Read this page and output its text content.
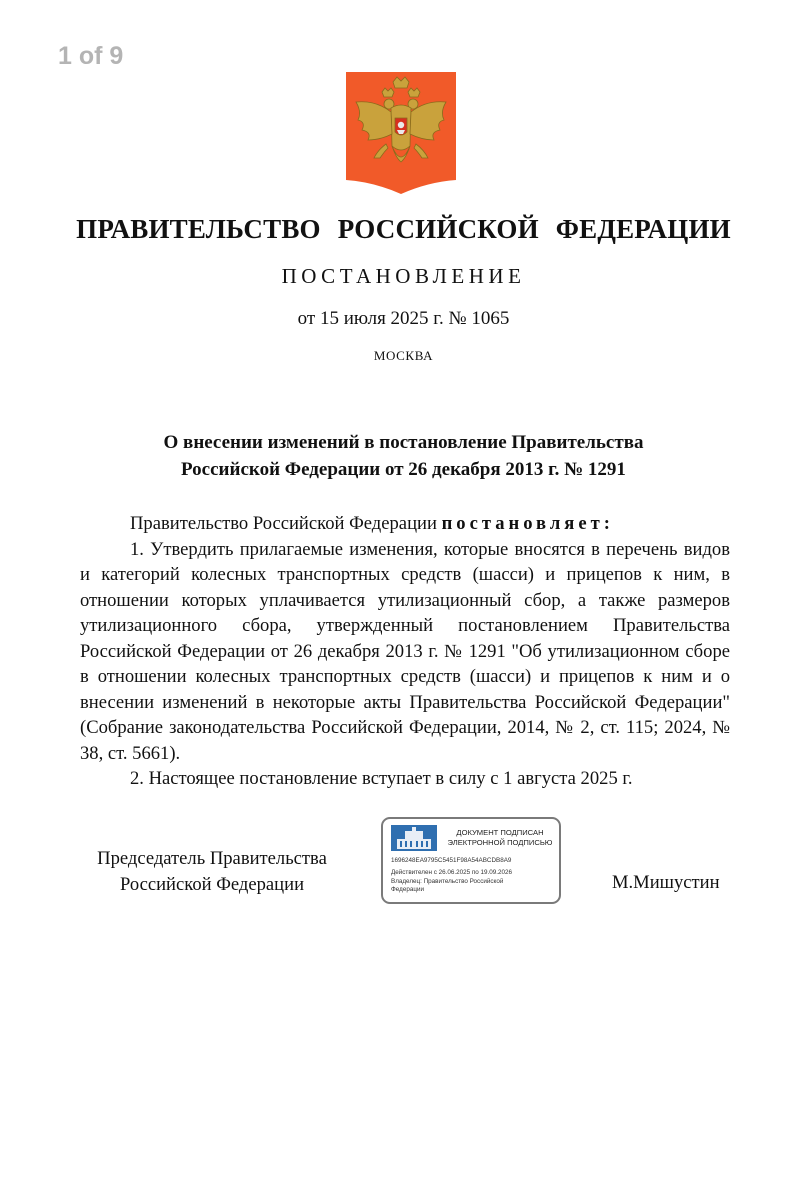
1 of 9
ПРАВИТЕЛЬСТВО РОССИЙСКОЙ ФЕДЕРАЦИИ
ПОСТАНОВЛЕНИЕ
от 15 июля 2025 г. № 1065
МОСКВА
О внесении изменений в постановление Правительства
Российской Федерации от 26 декабря 2013 г. № 1291

Правительство Российской Федерации постановляет:

1. Утвердить прилагаемые изменения, которые вносятся в перечень видов и категорий колесных транспортных средств (шасси) и прицепов к ним, в отношении которых уплачивается утилизационный сбор, а также размеров утилизационного сбора, утвержденный постановлением Правительства Российской Федерации от 26 декабря 2013 г. № 1291 "Об утилизационном сборе в отношении колесных транспортных средств (шасси) и прицепов к ним и о внесении изменений в некоторые акты Правительства Российской Федерации" (Собрание законодательства Российской Федерации, 2014, № 2, ст. 115; 2024, № 38, ст. 5661).

2. Настоящее постановление вступает в силу с 1 августа 2025 г.

Председатель Правительства
Российской Федерации
ДОКУМЕНТ ПОДПИСАН
ЭЛЕКТРОННОЙ ПОДПИСЬЮ
1696248EA9795C5451F98A54ABCDB8A9
Действителен с 26.06.2025 по 19.09.2026
Владелец: Правительство Российской
Федерации	М.Мишустин
